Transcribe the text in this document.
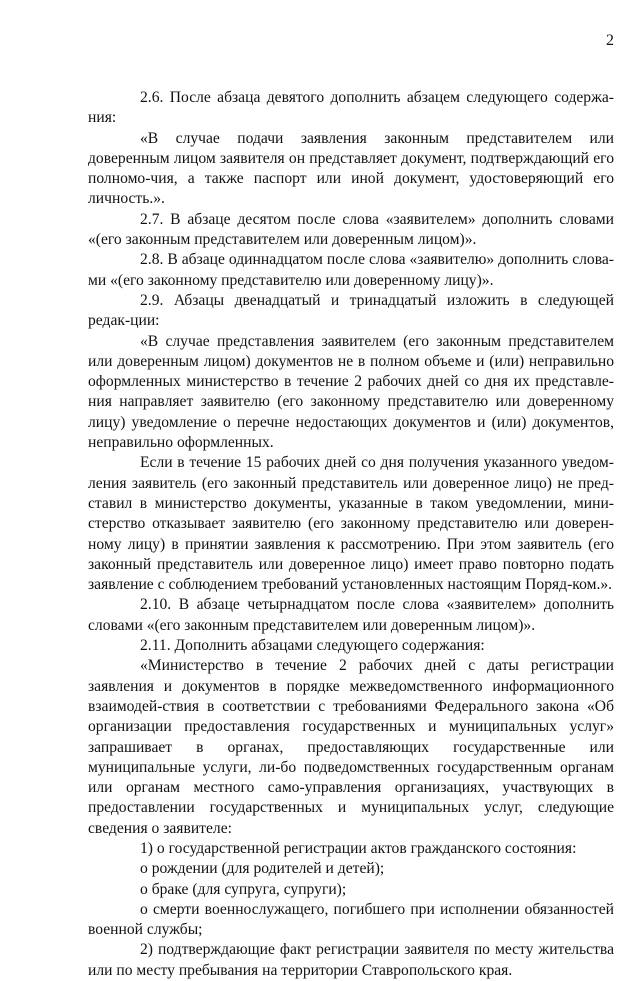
2

2.6. После абзаца девятого дополнить абзацем следующего содержа-ния:

«В случае подачи заявления законным представителем или доверенным лицом заявителя он представляет документ, подтверждающий его полномо-чия, а также паспорт или иной документ, удостоверяющий его личность.».

2.7. В абзаце десятом после слова «заявителем» дополнить словами «(его законным представителем или доверенным лицом)».

2.8. В абзаце одиннадцатом после слова «заявителю» дополнить слова-ми «(его законному представителю или доверенному лицу)».

2.9. Абзацы двенадцатый и тринадцатый изложить в следующей редак-ции:

«В случае представления заявителем (его законным представителем или доверенным лицом) документов не в полном объеме и (или) неправильно оформленных министерство в течение 2 рабочих дней со дня их представле-ния направляет заявителю (его законному представителю или доверенному лицу) уведомление о перечне недостающих документов и (или) документов, неправильно оформленных.

Если в течение 15 рабочих дней со дня получения указанного уведом-ления заявитель (его законный представитель или доверенное лицо) не пред-ставил в министерство документы, указанные в таком уведомлении, мини-стерство отказывает заявителю (его законному представителю или доверен-ному лицу) в принятии заявления к рассмотрению. При этом заявитель (его законный представитель или доверенное лицо) имеет право повторно подать заявление с соблюдением требований установленных настоящим Поряд-ком.».

2.10. В абзаце четырнадцатом после слова «заявителем» дополнить словами «(его законным представителем или доверенным лицом)».

2.11. Дополнить абзацами следующего содержания:

«Министерство в течение 2 рабочих дней с даты регистрации заявления и документов в порядке межведомственного информационного взаимодей-ствия в соответствии с требованиями Федерального закона «Об организации предоставления государственных и муниципальных услуг» запрашивает в органах, предоставляющих государственные или муниципальные услуги, ли-бо подведомственных государственным органам или органам местного само-управления организациях, участвующих в предоставлении государственных и муниципальных услуг, следующие сведения о заявителе:

1) о государственной регистрации актов гражданского состояния:

о рождении (для родителей и детей);

о браке (для супруга, супруги);

о смерти военнослужащего, погибшего при исполнении обязанностей военной службы;

2) подтверждающие факт регистрации заявителя по месту жительства или по месту пребывания на территории Ставропольского края.
